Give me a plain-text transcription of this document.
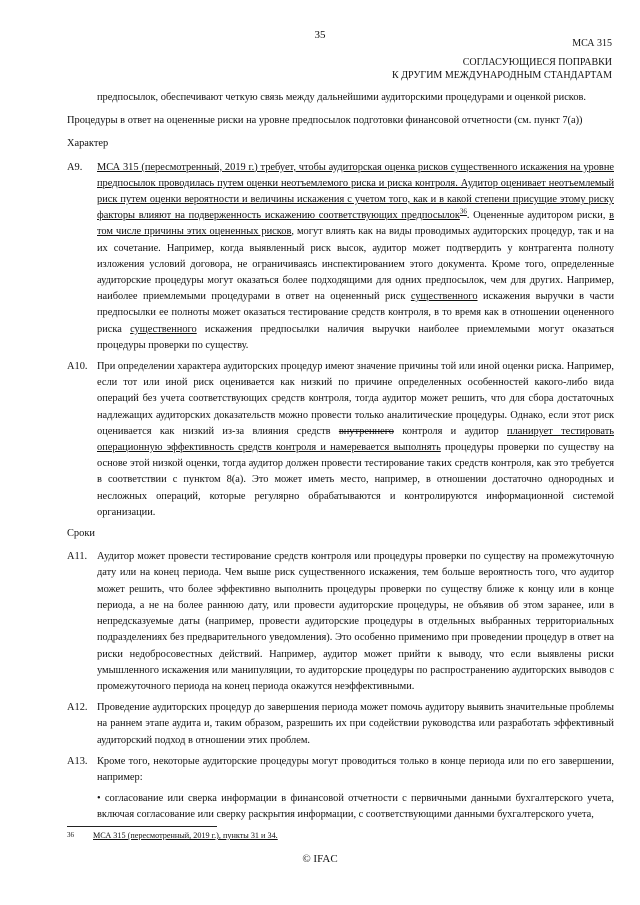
35
МСА 315
СОГЛАСУЮЩИЕСЯ ПОПРАВКИ
К ДРУГИМ МЕЖДУНАРОДНЫМ СТАНДАРТАМ

предпосылок, обеспечивают четкую связь между дальнейшими аудиторскими процедурами и оценкой рисков.

Процедуры в ответ на оцененные риски на уровне предпосылок подготовки финансовой отчетности (см. пункт 7(а))

Характер

A9.	МСА 315 (пересмотренный, 2019 г.) требует, чтобы аудиторская оценка рисков существенного искажения на уровне предпосылок проводилась путем оценки неотъемлемого риска и риска контроля. Аудитор оценивает неотъемлемый риск путем оценки вероятности и величины искажения с учетом того, как и в какой степени присущие этому риску факторы влияют на подверженность искажению соответствующих предпосылок$^{36}$. Оцененные аудитором риски, в том числе причины этих оцененных рисков, могут влиять как на виды проводимых аудиторских процедур, так и на их сочетание. Например, когда выявленный риск высок, аудитор может подтвердить у контрагента полноту изложения условий договора, не ограничиваясь инспектированием этого документа. Кроме того, определенные аудиторские процедуры могут оказаться более подходящими для одних предпосылок, чем для других. Например, наиболее приемлемыми процедурами в ответ на оцененный риск существенного искажения выручки в части предпосылки ее полноты может оказаться тестирование средств контроля, в то время как в отношении оцененного риска существенного искажения предпосылки наличия выручки наиболее приемлемыми могут оказаться процедуры проверки по существу.
A10. При определении характера аудиторских процедур имеют значение причины той или иной оценки риска. Например, если тот или иной риск оценивается как низкий по причине определенных особенностей какого-либо вида операций без учета соответствующих средств контроля, тогда аудитор может решить, что для сбора достаточных надлежащих аудиторских доказательств можно провести только аналитические процедуры. Однако, если этот риск оценивается как низкий из-за влияния средств внутреннего контроля и аудитор планирует тестировать операционную эффективность средств контроля и намеревается выполнять процедуры проверки по существу на основе этой низкой оценки, тогда аудитор должен провести тестирование таких средств контроля, как это требуется в соответствии с пунктом 8(а). Это может иметь место, например, в отношении достаточно однородных и несложных операций, которые регулярно обрабатываются и контролируются информационной системой организации.

Сроки

A11. Аудитор может провести тестирование средств контроля или процедуры проверки по существу на промежуточную дату или на конец периода. Чем выше риск существенного искажения, тем больше вероятность того, что аудитор может решить, что более эффективно выполнить процедуры проверки по существу ближе к концу или в конце периода, а не на более раннюю дату, или провести аудиторские процедуры, не объявив об этом заранее, или в непредсказуемые даты (например, провести аудиторские процедуры в отдельных выбранных территориальных подразделениях без предварительного уведомления). Это особенно применимо при проведении процедур в ответ на риски недобросовестных действий. Например, аудитор может прийти к выводу, что если выявлены риски умышленного искажения или манипуляции, то аудиторские процедуры по распространению аудиторских выводов с промежуточного периода на конец периода окажутся неэффективными.
A12. Проведение аудиторских процедур до завершения периода может помочь аудитору выявить значительные проблемы на раннем этапе аудита и, таким образом, разрешить их при содействии руководства или разработать эффективный аудиторский подход в отношении этих проблем.
A13. Кроме того, некоторые аудиторские процедуры могут проводиться только в конце периода или по его завершении, например:

• согласование или сверка информации в финансовой отчетности с первичными данными бухгалтерского учета, включая согласование или сверку раскрытия информации, с соответствующими данными бухгалтерского учета,

36 МСА 315 (пересмотренный, 2019 г.), пункты 31 и 34.
© IFAC
